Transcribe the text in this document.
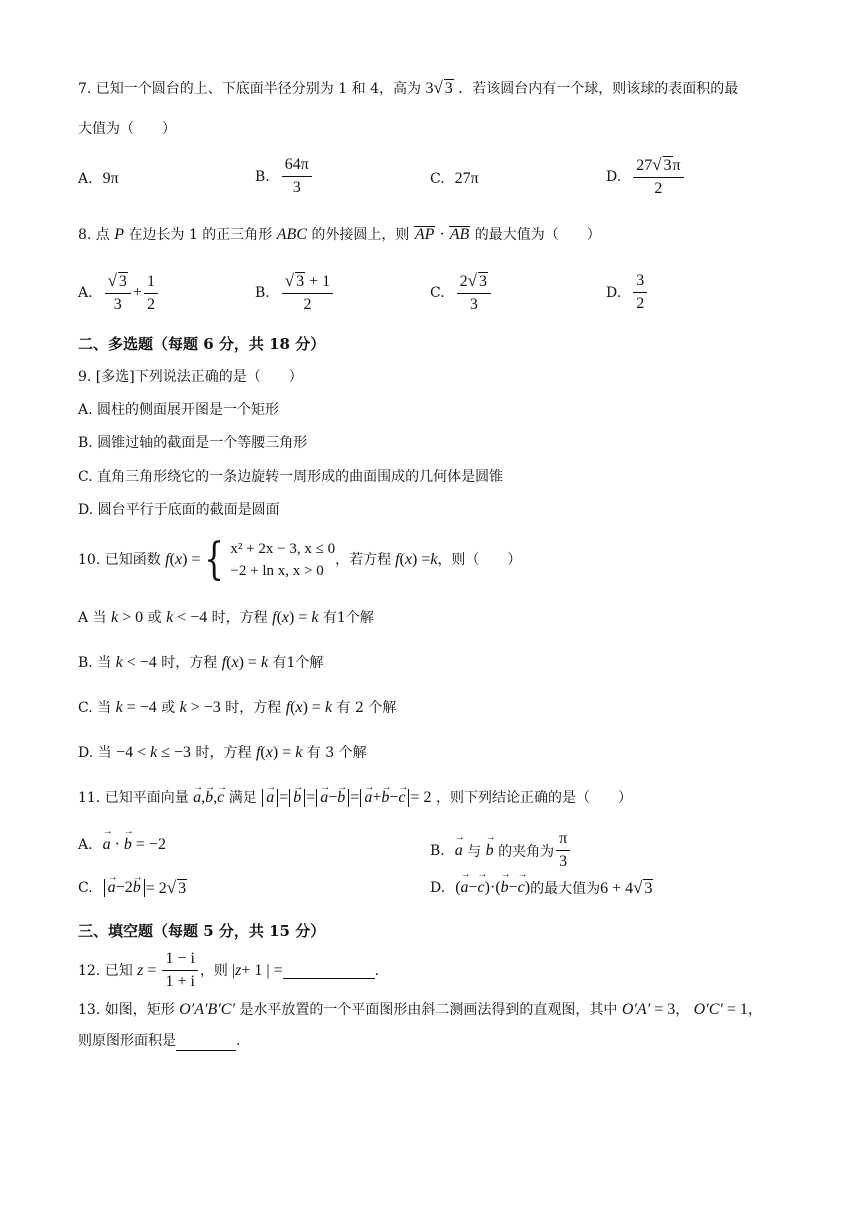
7. 已知一个圆台的上、下底面半径分别为 1 和 4，高为 3√ 3 ．若该圆台内有一个球，则该球的表面积的最
大值为（　　）
A. 9π	B. $\frac{64\pi}{3}$	C. 27π	D. $\frac{27√ 3\pi}{2}$
8. 点 P 在边长为 1 的正三角形 ABC 的外接圆上，则 AP · AB 的最大值为（　　）
A. $\frac{√ 3}{3} + \frac{1}{2}$	B. $\frac{√ 3 + 1}{2}$	C. $\frac{2√ 3}{3}$	D. $\frac{3}{2}$
二、多选题（每题 6 分，共 18 分）
9. [多选]下列说法正确的是（　　）
A. 圆柱的侧面展开图是一个矩形
B. 圆锥过轴的截面是一个等腰三角形
C. 直角三角形绕它的一条边旋转一周形成的曲面围成的几何体是圆锥
D. 圆台平行于底面的截面是圆面
10. 已知函数
f ( x ) = { x² + 2x − 3, x ≤ 0
−2 + ln x, x > 0
，若方程 f ( x ) = k ，则（　　）
A 当 k > 0 或 k < −4 时，方程 f(x) = k 有1个解
B. 当 k < −4 时，方程 f(x) = k 有1个解
C. 当 k = −4 或 k > −3 时，方程 f(x) = k 有 2 个解
D. 当 −4 < k ≤ −3 时，方程 f(x) = k 有 3 个解
11. 已知平面向量 → a,→ b,→ c 满足 → a = → b = → a−→ b = → a+→ b−→ c = 2 ，则下列结论正确的是（　　）
A. → a · → b = −2	B. → a 与 → b
的夹角为 $\frac{\pi}{3}$
C. → a−2→ b = 2√ 3	D. ( → a − → c )·( → b − → c ) 的最大值为 6 + 4√ 3
三、填空题（每题 5 分，共 15 分）
12. 已知
$z = \frac{1 - i}{1 + i}$ ，则 | z + 1 | =	.
13. 如图，矩形 O′A′B′C′ 是水平放置的一个平面图形由斜二测画法得到的直观图，其中 O′A′ = 3， O′C′ = 1，
则原图形面积是	.
